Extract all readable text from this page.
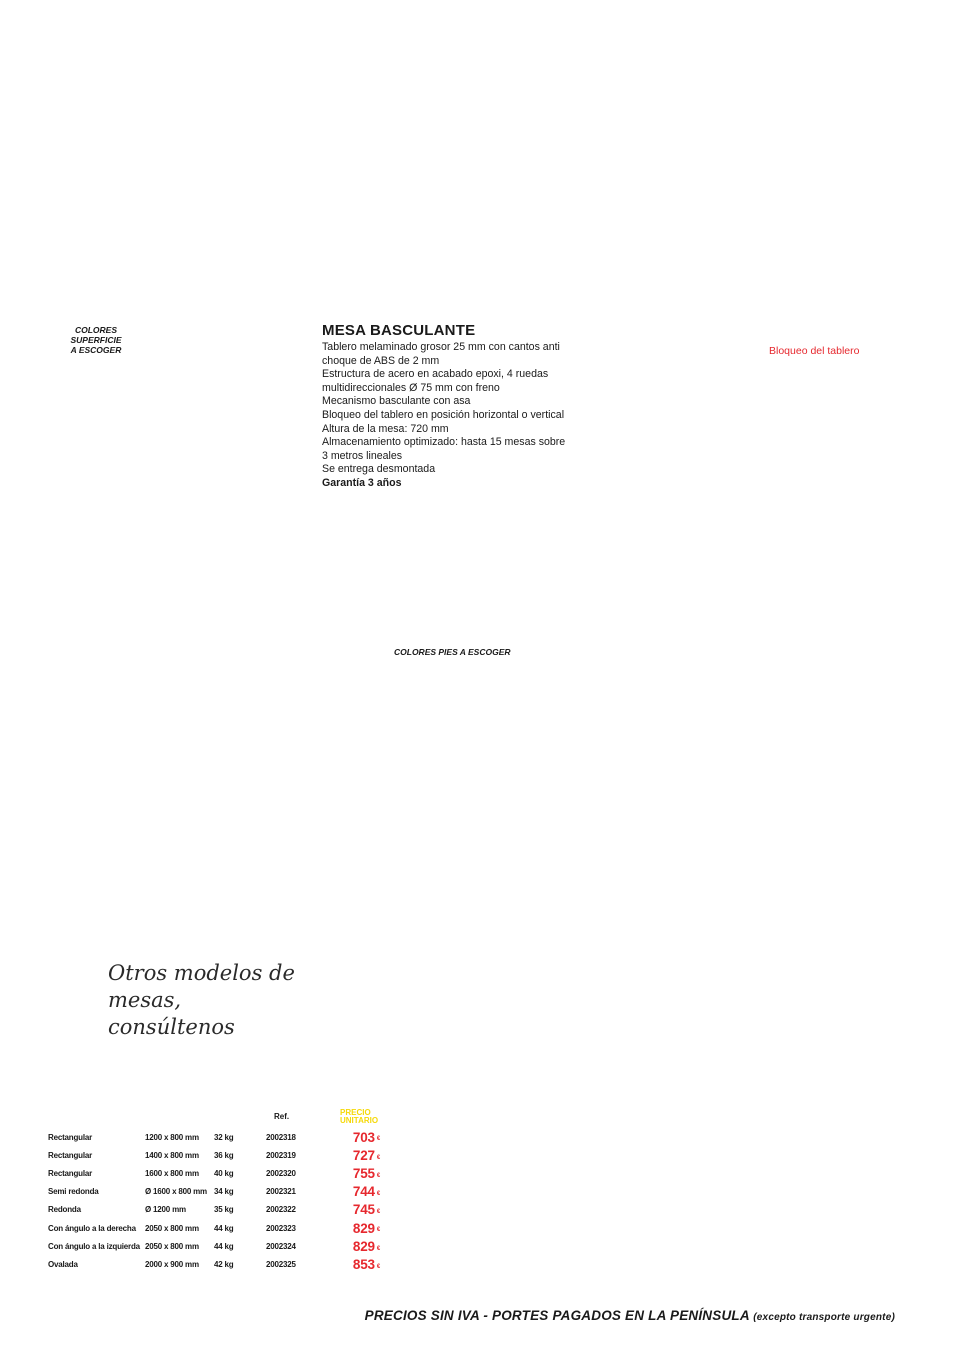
COLORES
SUPERFICIE
A ESCOGER
MESA BASCULANTE
Tablero melaminado grosor 25 mm con cantos anti
choque de ABS de 2 mm
Estructura de acero en acabado epoxi, 4 ruedas
multidireccionales Ø 75 mm con freno
Mecanismo basculante con asa
Bloqueo del tablero en posición horizontal o vertical
Altura de la mesa: 720 mm
Almacenamiento optimizado: hasta 15 mesas sobre
3 metros lineales
Se entrega desmontada
Garantía 3 años
Bloqueo del tablero
COLORES PIES A ESCOGER
Otros modelos de
mesas, consúltenos
			Ref.	PRECIO
UNITARIO

Rectangular	1200 x 800 mm	32 kg	2002318	703 €
Rectangular	1400 x 800 mm	36 kg	2002319	727 €
Rectangular	1600 x 800 mm	40 kg	2002320	755 €
Semi redonda	Ø 1600 x 800 mm	34 kg	2002321	744 €
Redonda	Ø 1200 mm	35 kg	2002322	745 €
Con ángulo a la derecha	2050 x 800 mm	44 kg	2002323	829 €
Con ángulo a la izquierda	2050 x 800 mm	44 kg	2002324	829 €
Ovalada	2000 x 900 mm	42 kg	2002325	853 €
PRECIOS SIN IVA - PORTES PAGADOS EN LA PENÍNSULA (excepto transporte urgente)
